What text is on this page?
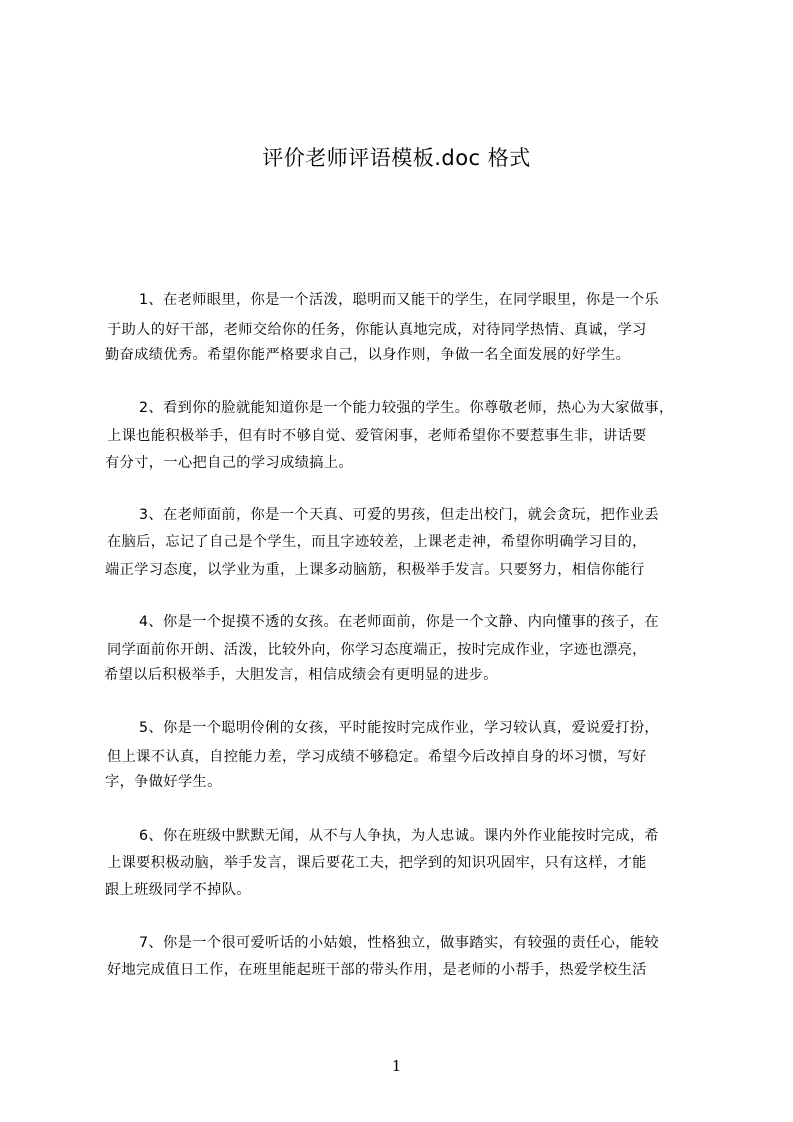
评价老师评语模板.doc 格式
1、在老师眼里，你是一个活泼，聪明而又能干的学生，在同学眼里，你是一个乐
于助人的好干部，老师交给你的任务，你能认真地完成，对待同学热情、真诚，学习
勤奋成绩优秀。希望你能严格要求自己，以身作则，争做一名全面发展的好学生。
2、看到你的脸就能知道你是一个能力较强的学生。你尊敬老师，热心为大家做事，
上课也能积极举手，但有时不够自觉、爱管闲事，老师希望你不要惹事生非，讲话要
有分寸，一心把自己的学习成绩搞上。
3、在老师面前，你是一个天真、可爱的男孩，但走出校门，就会贪玩，把作业丢
在脑后，忘记了自己是个学生，而且字迹较差，上课老走神，希望你明确学习目的，
端正学习态度，以学业为重，上课多动脑筋，积极举手发言。只要努力，相信你能行
4、你是一个捉摸不透的女孩。在老师面前，你是一个文静、内向懂事的孩子，在
同学面前你开朗、活泼，比较外向，你学习态度端正，按时完成作业，字迹也漂亮，
希望以后积极举手，大胆发言，相信成绩会有更明显的进步。
5、你是一个聪明伶俐的女孩，平时能按时完成作业，学习较认真，爱说爱打扮，
但上课不认真，自控能力差，学习成绩不够稳定。希望今后改掉自身的坏习惯，写好
字，争做好学生。
6、你在班级中默默无闻，从不与人争执，为人忠诚。课内外作业能按时完成，希
上课要积极动脑，举手发言，课后要花工夫，把学到的知识巩固牢，只有这样，才能
跟上班级同学不掉队。
7、你是一个很可爱听话的小姑娘，性格独立，做事踏实，有较强的责任心，能较
好地完成值日工作，在班里能起班干部的带头作用，是老师的小帮手，热爱学校生活
1
